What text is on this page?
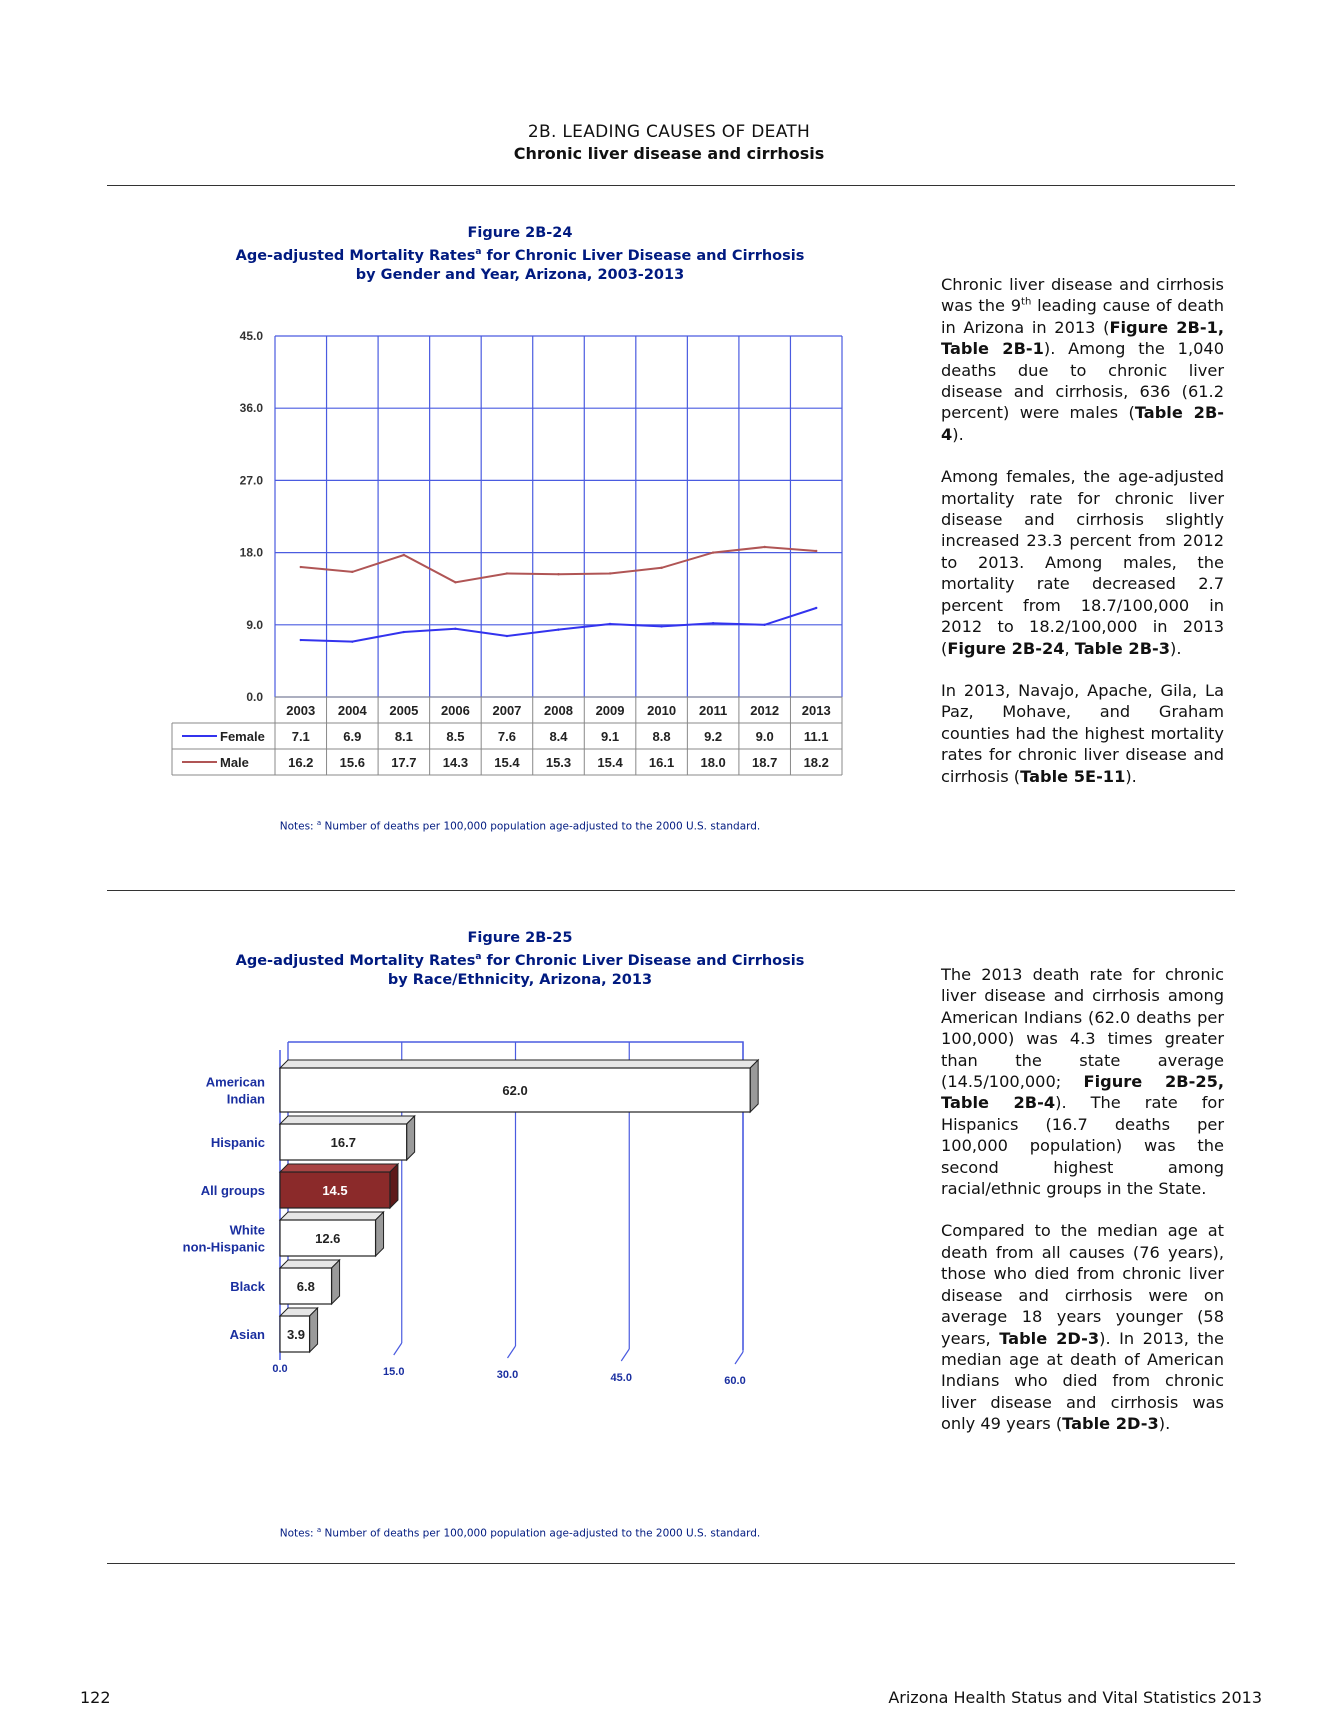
2B. LEADING CAUSES OF DEATH
Chronic liver disease and cirrhosis
Figure 2B-24
Age-adjusted Mortality Rates$^a$ for Chronic Liver Disease and Cirrhosis
by Gender and Year, Arizona, 2003-2013
0.0
9.0
18.0
27.0
36.0
45.0
2003 2004 2005 2006 2007 2008 2009 2010 2011 2012 2013
Female 7.1	6.9	8.1	8.5	7.6	8.4	9.1	8.8	9.2	9.0 11.1
Male	16.2 15.6 17.7 14.3 15.4 15.3 15.4 16.1 18.0 18.7 18.2
Notes: $^a$ Number of deaths per 100,000 population age-adjusted to the 2000 U.S. standard.

Chronic liver disease and cirrhosis was the 9th leading cause of death in Arizona in 2013 (Figure 2B-1, Table 2B-1). Among the 1,040 deaths due to chronic liver disease and cirrhosis, 636 (61.2 percent) were males (Table 2B-4).

Among females, the age-adjusted mortality rate for chronic liver disease and cirrhosis slightly increased 23.3 percent from 2012 to 2013. Among males, the mortality rate decreased 2.7 percent from 18.7/100,000 in 2012 to 18.2/100,000 in 2013 (Figure 2B-24, Table 2B-3).

In 2013, Navajo, Apache, Gila, La Paz, Mohave, and Graham counties had the highest mortality rates for chronic liver disease and cirrhosis (Table 5E-11).

Figure 2B-25
Age-adjusted Mortality Rates$^a$ for Chronic Liver Disease and Cirrhosis
by Race/Ethnicity, Arizona, 2013
62.0
16.7
14.5
12.6
6.8
3.9
American
Indian
Hispanic
All groups
White
non-Hispanic
Black
Asian
0.0	15.0	30.0	45.0	60.0
Notes: $^a$ Number of deaths per 100,000 population age-adjusted to the 2000 U.S. standard.

The 2013 death rate for chronic liver disease and cirrhosis among American Indians (62.0 deaths per 100,000) was 4.3 times greater than the state average (14.5/100,000; Figure 2B-25, Table 2B-4). The rate for Hispanics (16.7 deaths per 100,000 population) was the second highest among racial/ethnic groups in the State.

Compared to the median age at death from all causes (76 years), those who died from chronic liver disease and cirrhosis were on average 18 years younger (58 years, Table 2D-3). In 2013, the median age at death of American Indians who died from chronic liver disease and cirrhosis was only 49 years (Table 2D-3).

122	Arizona Health Status and Vital Statistics 2013
